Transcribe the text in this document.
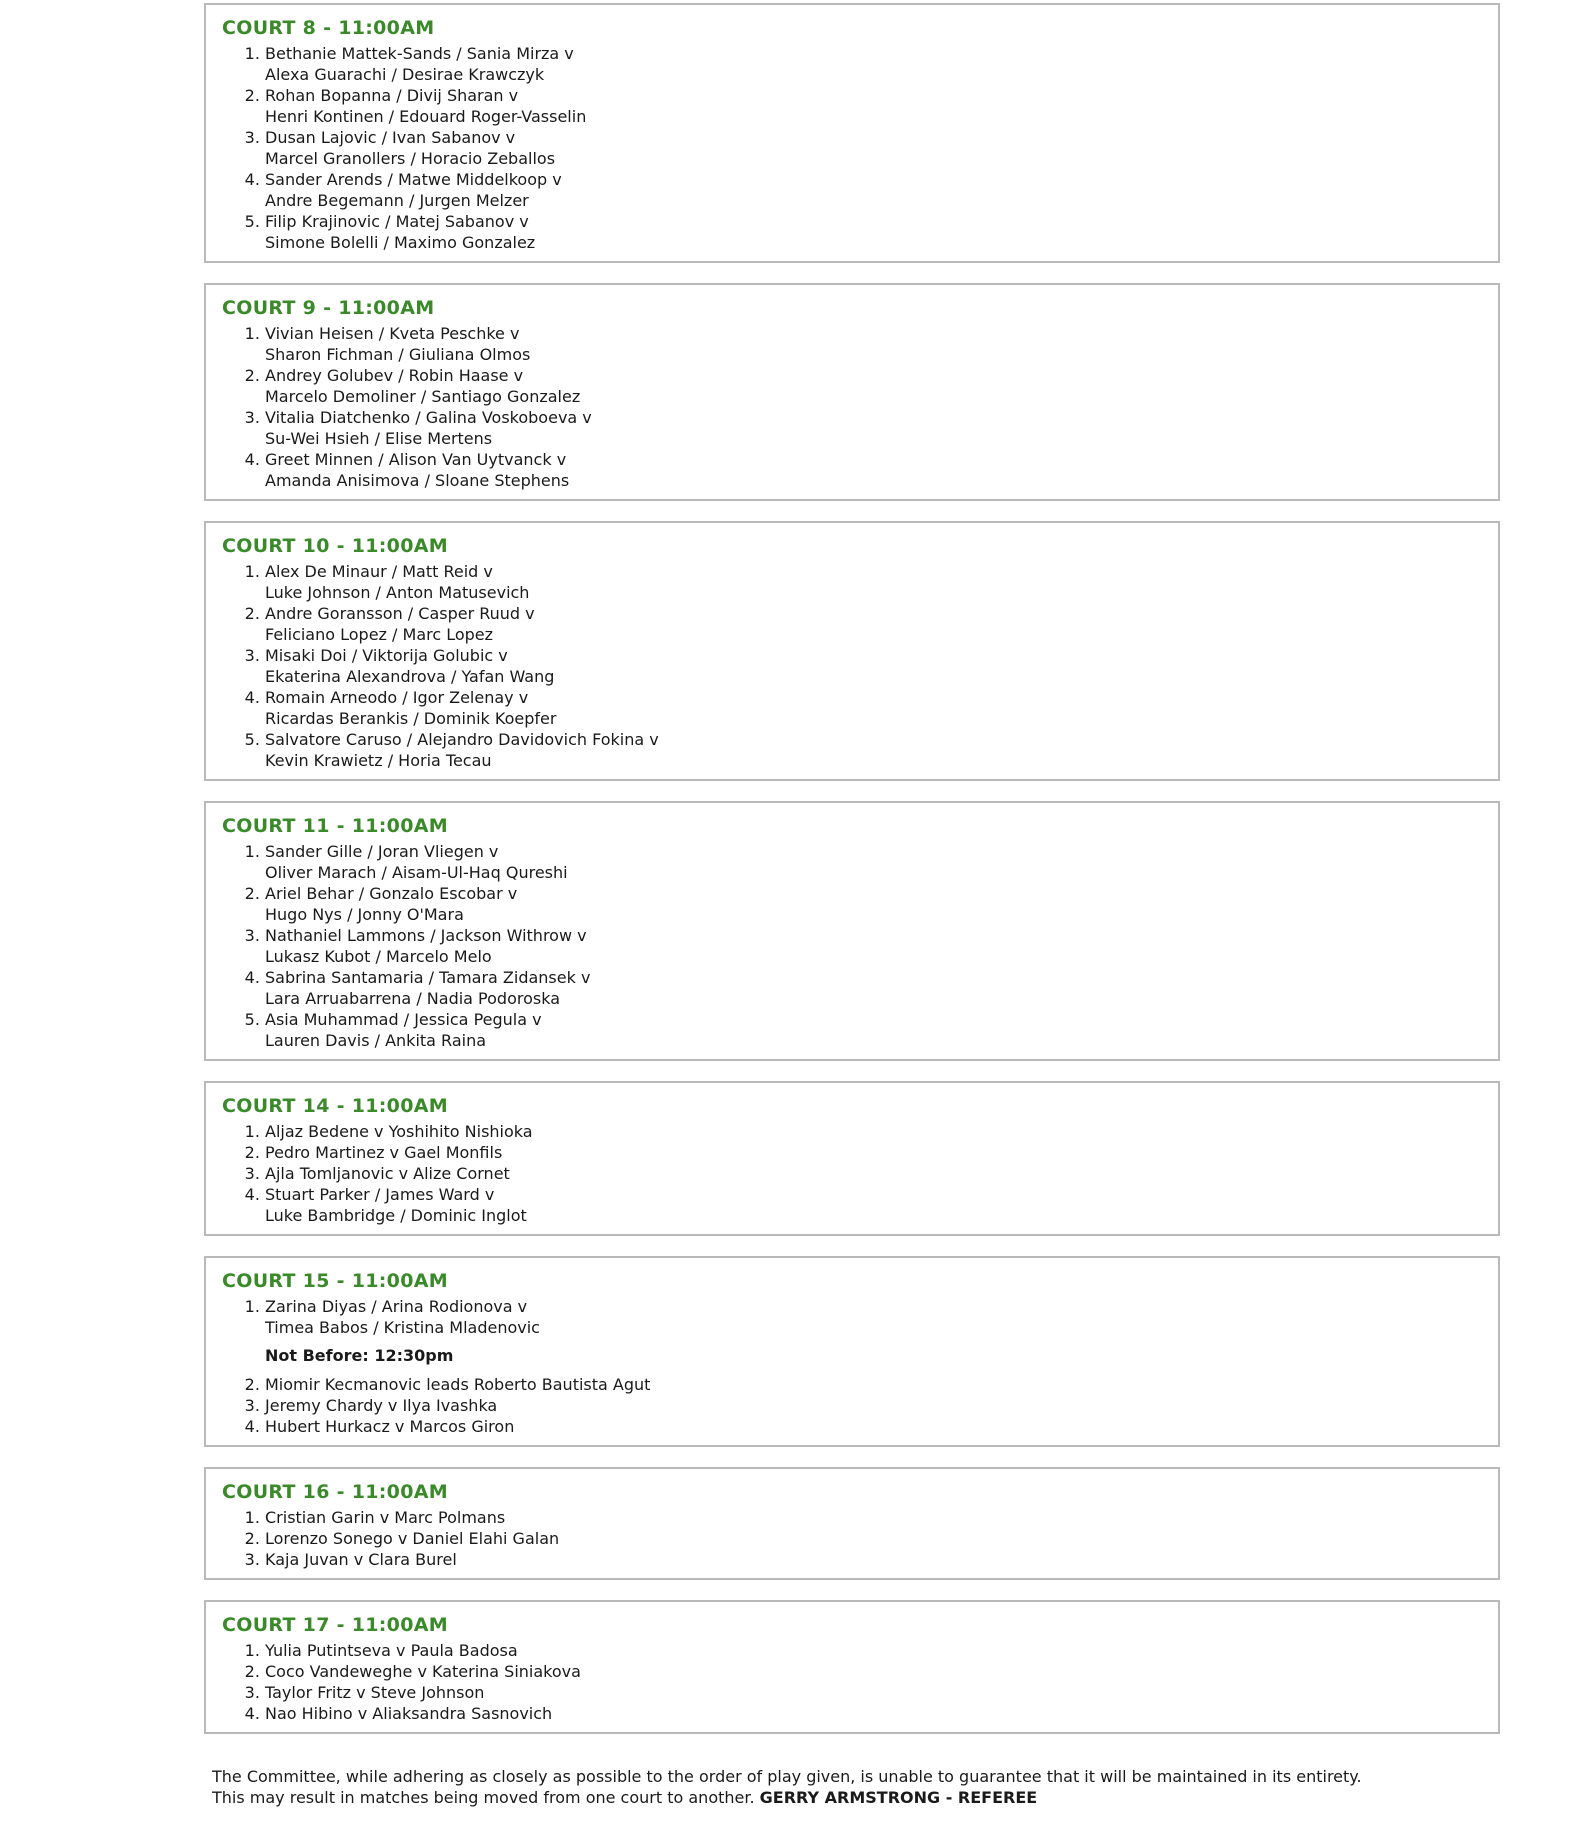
COURT 8 - 11:00AM
1. Bethanie Mattek-Sands / Sania Mirza v
Alexa Guarachi / Desirae Krawczyk
2. Rohan Bopanna / Divij Sharan v
Henri Kontinen / Edouard Roger-Vasselin
3. Dusan Lajovic / Ivan Sabanov v
Marcel Granollers / Horacio Zeballos
4. Sander Arends / Matwe Middelkoop v
Andre Begemann / Jurgen Melzer
5. Filip Krajinovic / Matej Sabanov v
Simone Bolelli / Maximo Gonzalez
COURT 9 - 11:00AM
1. Vivian Heisen / Kveta Peschke v
Sharon Fichman / Giuliana Olmos
2. Andrey Golubev / Robin Haase v
Marcelo Demoliner / Santiago Gonzalez
3. Vitalia Diatchenko / Galina Voskoboeva v
Su-Wei Hsieh / Elise Mertens
4. Greet Minnen / Alison Van Uytvanck v
Amanda Anisimova / Sloane Stephens
COURT 10 - 11:00AM
1. Alex De Minaur / Matt Reid v
Luke Johnson / Anton Matusevich
2. Andre Goransson / Casper Ruud v
Feliciano Lopez / Marc Lopez
3. Misaki Doi / Viktorija Golubic v
Ekaterina Alexandrova / Yafan Wang
4. Romain Arneodo / Igor Zelenay v
Ricardas Berankis / Dominik Koepfer
5. Salvatore Caruso / Alejandro Davidovich Fokina v
Kevin Krawietz / Horia Tecau
COURT 11 - 11:00AM
1. Sander Gille / Joran Vliegen v
Oliver Marach / Aisam-Ul-Haq Qureshi
2. Ariel Behar / Gonzalo Escobar v
Hugo Nys / Jonny O'Mara
3. Nathaniel Lammons / Jackson Withrow v
Lukasz Kubot / Marcelo Melo
4. Sabrina Santamaria / Tamara Zidansek v
Lara Arruabarrena / Nadia Podoroska
5. Asia Muhammad / Jessica Pegula v
Lauren Davis / Ankita Raina
COURT 14 - 11:00AM
1. Aljaz Bedene v Yoshihito Nishioka
2. Pedro Martinez v Gael Monfils
3. Ajla Tomljanovic v Alize Cornet
4. Stuart Parker / James Ward v
Luke Bambridge / Dominic Inglot
COURT 15 - 11:00AM
1. Zarina Diyas / Arina Rodionova v
Timea Babos / Kristina Mladenovic
Not Before: 12:30pm
2. Miomir Kecmanovic leads Roberto Bautista Agut
3. Jeremy Chardy v Ilya Ivashka
4. Hubert Hurkacz v Marcos Giron
COURT 16 - 11:00AM
1. Cristian Garin v Marc Polmans
2. Lorenzo Sonego v Daniel Elahi Galan
3. Kaja Juvan v Clara Burel
COURT 17 - 11:00AM
1. Yulia Putintseva v Paula Badosa
2. Coco Vandeweghe v Katerina Siniakova
3. Taylor Fritz v Steve Johnson
4. Nao Hibino v Aliaksandra Sasnovich
The Committee, while adhering as closely as possible to the order of play given, is unable to guarantee that it will be maintained in its entirety.
This may result in matches being moved from one court to another. GERRY ARMSTRONG - REFEREE
